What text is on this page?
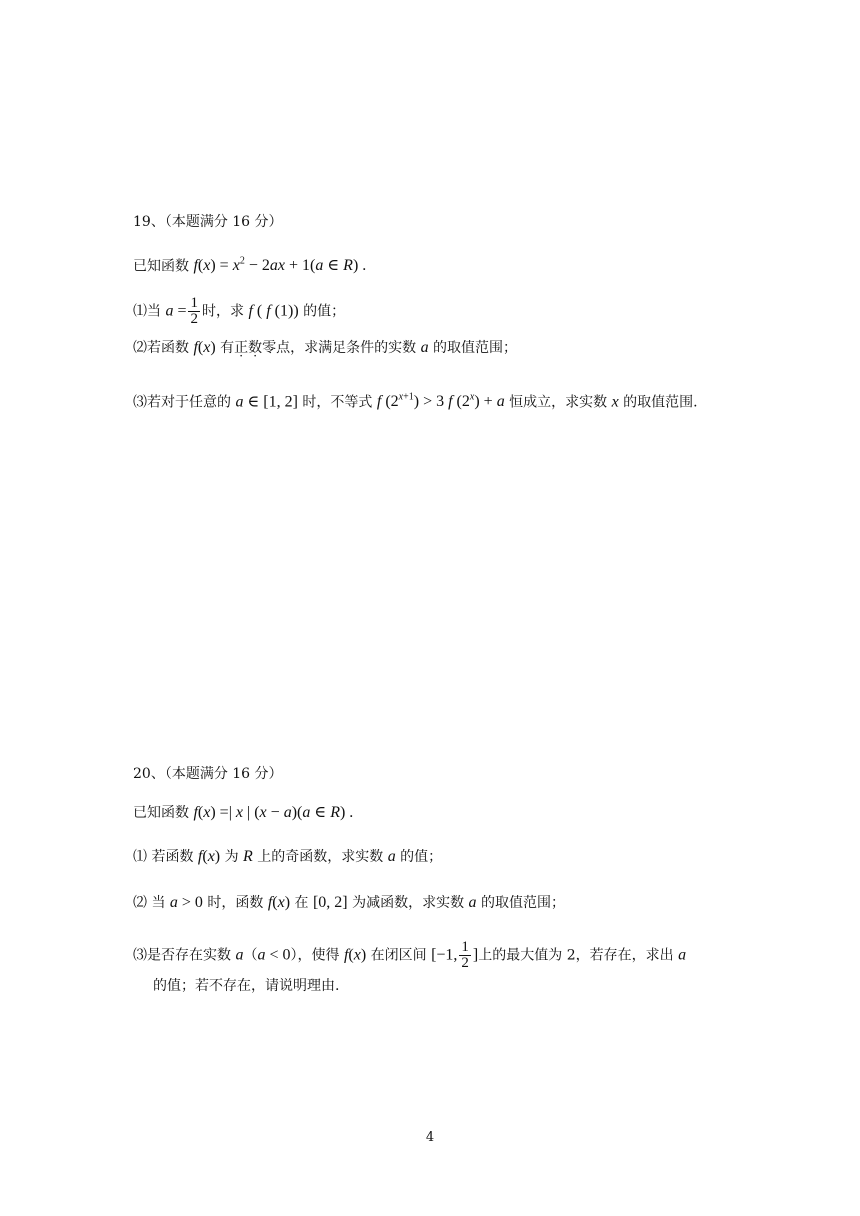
19、（本题满分 16 分）
已知函数 $f(x) = x^2 - 2ax + 1(a$ ∈ R) .
⑴当 $a = \frac{1}{2}$ 时，求 f ( f (1)) 的值；
⑵若函数 f(x) 有正数零点，求满足条件的实数 a 的取值范围；
⑶若对于任意的 a ∈ [1, 2] 时，不等式 f $(2^{x+1}) > 3$ f $(2^x) + a$ 恒成立，求实数 x 的取值范围.
20、（本题满分 16 分）
已知函数 f(x) =| x | (x − a)(a ∈ R) .
⑴ 若函数 f(x) 为 R 上的奇函数，求实数 a 的值；
⑵ 当 a > 0 时，函数 f(x) 在 [0, 2] 为减函数，求实数 a 的取值范围；
⑶是否存在实数 a（a < 0），使得 f(x) 在闭区间 [−1, $\frac{1}{2}$ ]上的最大值为 2，若存在，求出 a
的值；若不存在，请说明理由.
4
